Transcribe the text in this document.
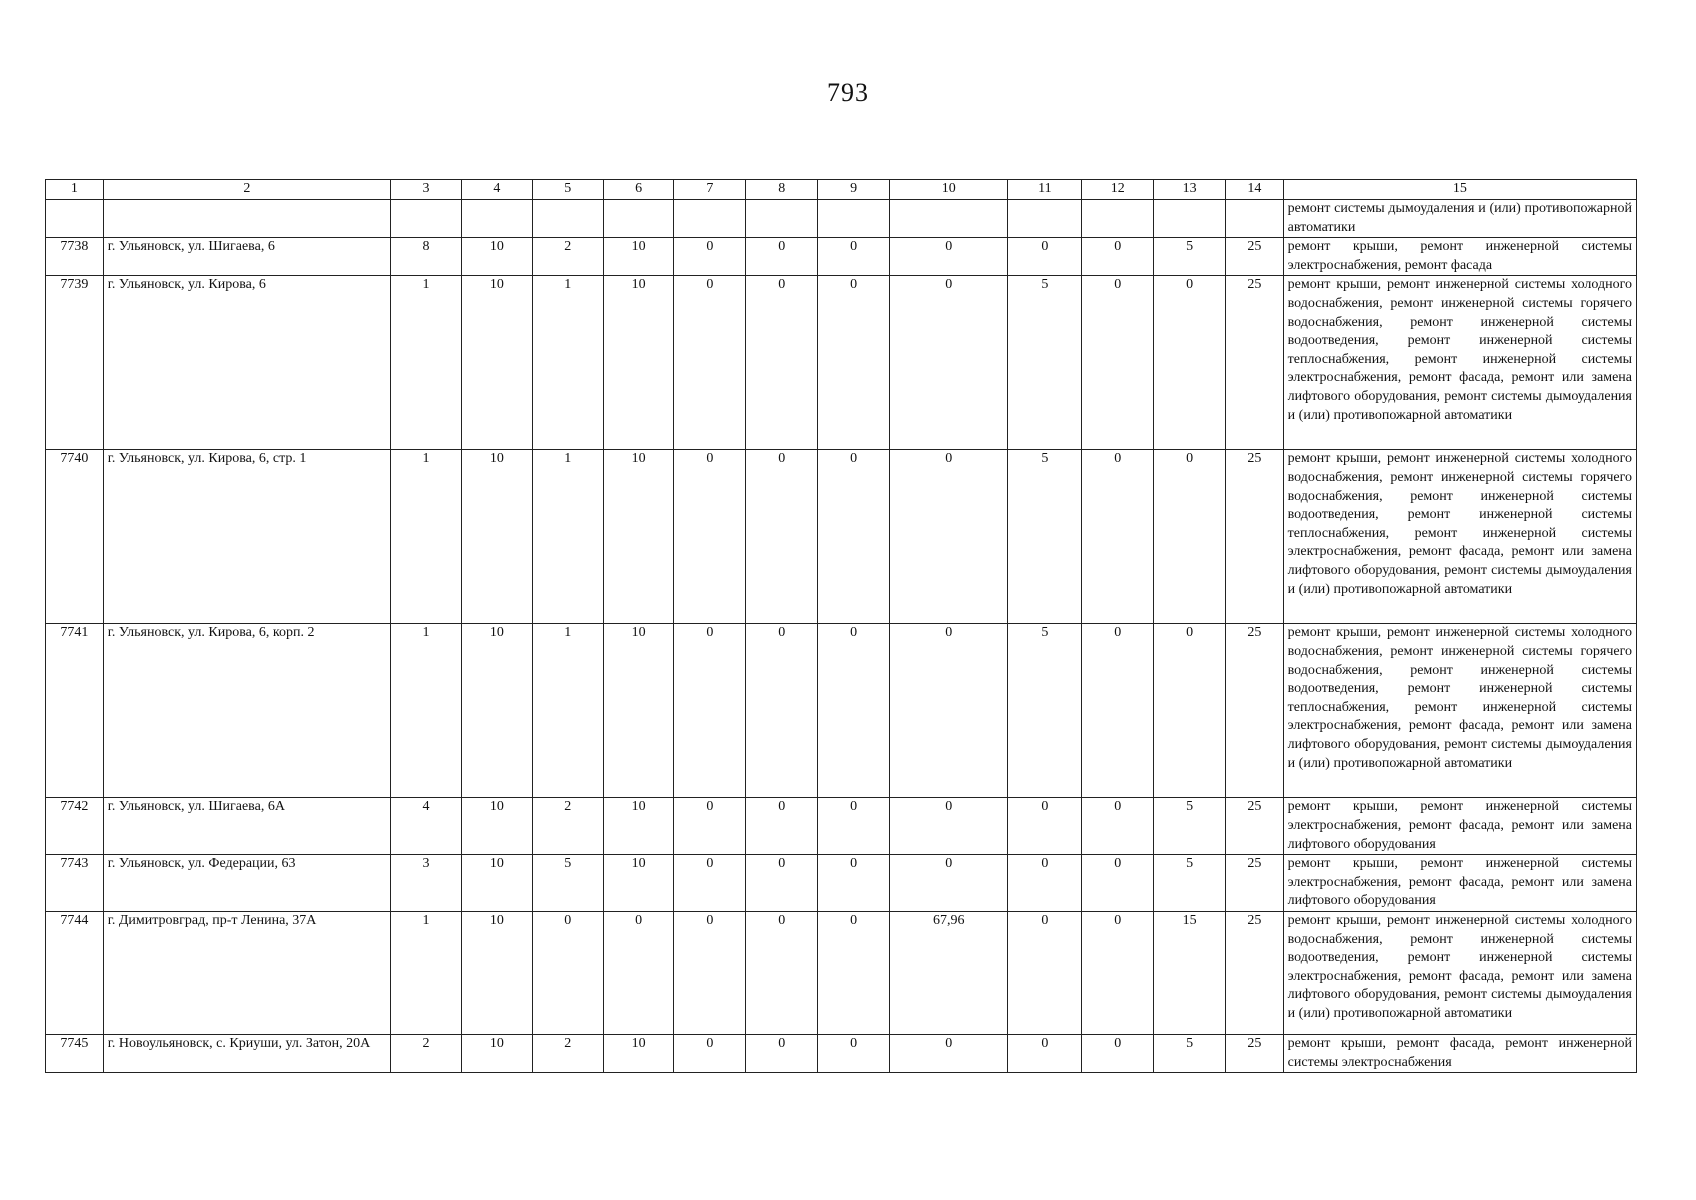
793
1	2	3	4	5	6	7	8	9	10	11	12	13	14	15
														ремонт системы дымоудаления и (или) противопожарной автоматики
7738	г. Ульяновск, ул. Шигаева, 6	8	10	2	10	0	0	0	0	0	0	5	25	ремонт крыши, ремонт инженерной системы электроснабжения, ремонт фасада
7739	г. Ульяновск, ул. Кирова, 6	1	10	1	10	0	0	0	0	5	0	0	25	ремонт крыши, ремонт инженерной системы холодного водоснабжения, ремонт инженерной системы горячего водоснабжения, ремонт инженерной системы водоотведения, ремонт инженерной системы теплоснабжения, ремонт инженерной системы электроснабжения, ремонт фасада, ремонт или замена лифтового оборудования, ремонт системы дымоудаления и (или) противопожарной автоматики
7740	г. Ульяновск, ул. Кирова, 6, стр. 1	1	10	1	10	0	0	0	0	5	0	0	25	ремонт крыши, ремонт инженерной системы холодного водоснабжения, ремонт инженерной системы горячего водоснабжения, ремонт инженерной системы водоотведения, ремонт инженерной системы теплоснабжения, ремонт инженерной системы электроснабжения, ремонт фасада, ремонт или замена лифтового оборудования, ремонт системы дымоудаления и (или) противопожарной автоматики
7741	г. Ульяновск, ул. Кирова, 6, корп. 2	1	10	1	10	0	0	0	0	5	0	0	25	ремонт крыши, ремонт инженерной системы холодного водоснабжения, ремонт инженерной системы горячего водоснабжения, ремонт инженерной системы водоотведения, ремонт инженерной системы теплоснабжения, ремонт инженерной системы электроснабжения, ремонт фасада, ремонт или замена лифтового оборудования, ремонт системы дымоудаления и (или) противопожарной автоматики
7742	г. Ульяновск, ул. Шигаева, 6А	4	10	2	10	0	0	0	0	0	0	5	25	ремонт крыши, ремонт инженерной системы электроснабжения, ремонт фасада, ремонт или замена лифтового оборудования
7743	г. Ульяновск, ул. Федерации, 63	3	10	5	10	0	0	0	0	0	0	5	25	ремонт крыши, ремонт инженерной системы электроснабжения, ремонт фасада, ремонт или замена лифтового оборудования
7744	г. Димитровград, пр-т Ленина, 37А	1	10	0	0	0	0	0	67,96	0	0	15	25	ремонт крыши, ремонт инженерной системы холодного водоснабжения, ремонт инженерной системы водоотведения, ремонт инженерной системы электроснабжения, ремонт фасада, ремонт или замена лифтового оборудования, ремонт системы дымоудаления и (или) противопожарной автоматики
7745	г. Новоульяновск, с. Криуши, ул. Затон, 20А	2	10	2	10	0	0	0	0	0	0	5	25	ремонт крыши, ремонт фасада, ремонт инженерной системы электроснабжения
